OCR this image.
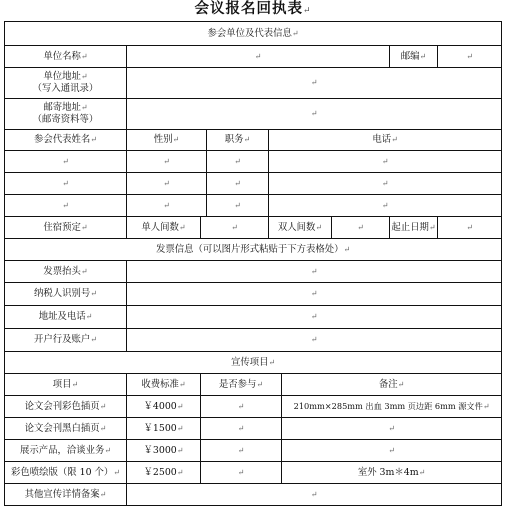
会议报名回执表↵
参会单位及代表信息↵								
单位名称↵	↵						邮编↵	↵
单位地址↵
（写入通讯录）	↵							
邮寄地址↵
（邮寄资料等）	↵							
参会代表姓名↵	性别↵		职务↵	电话↵				
↵	↵		↵	↵				
↵	↵		↵	↵				
↵	↵		↵	↵				
住宿预定↵	单人间数↵	↵		双人间数↵		↵	起止日期↵	↵
发票信息（可以图片形式粘贴于下方表格处）↵								
发票抬头↵	↵							
纳税人识别号↵	↵							
地址及电话↵	↵							
开户行及账户↵	↵							
宣传项目↵								
项目↵	收费标准↵	是否参与↵			备注↵			
论文会刊彩色插页↵	￥4000↵	↵			210mm×285mm 出血 3mm 页边距 6mm 源文件↵			
论文会刊黑白插页↵	￥1500↵	↵			↵			
展示产品，洽谈业务↵	￥3000↵	↵			↵			
彩色喷绘版（限 10 个）↵	￥2500↵	↵			室外 3m＊4m↵			
其他宣传详情备案↵	↵							
